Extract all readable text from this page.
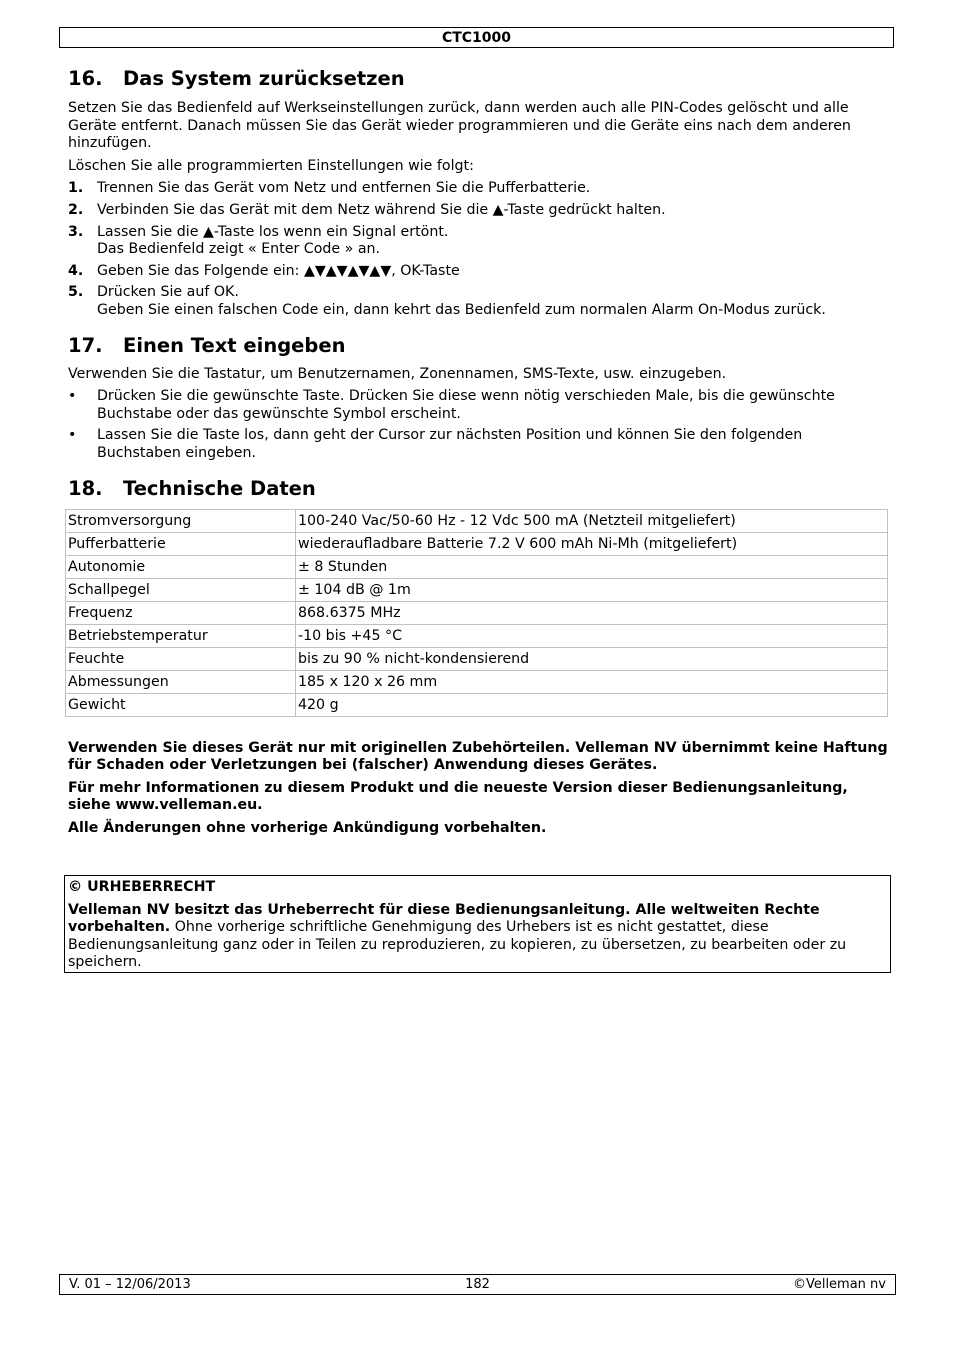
CTC1000
16. Das System zurücksetzen

Setzen Sie das Bedienfeld auf Werkseinstellungen zurück, dann werden auch alle PIN-Codes gelöscht und alle Geräte entfernt. Danach müssen Sie das Gerät wieder programmieren und die Geräte eins nach dem anderen hinzufügen.

Löschen Sie alle programmierten Einstellungen wie folgt:

1. Trennen Sie das Gerät vom Netz und entfernen Sie die Pufferbatterie.
2. Verbinden Sie das Gerät mit dem Netz während Sie die ▲-Taste gedrückt halten.
3. Lassen Sie die ▲-Taste los wenn ein Signal ertönt.
Das Bedienfeld zeigt « Enter Code » an.
4. Geben Sie das Folgende ein: ▲▼▲▼▲▼▲▼, OK-Taste
5. Drücken Sie auf OK.
Geben Sie einen falschen Code ein, dann kehrt das Bedienfeld zum normalen Alarm On-Modus zurück.
17. Einen Text eingeben

Verwenden Sie die Tastatur, um Benutzernamen, Zonennamen, SMS-Texte, usw. einzugeben.

•	Drücken Sie die gewünschte Taste. Drücken Sie diese wenn nötig verschieden Male, bis die gewünschte Buchstabe oder das gewünschte Symbol erscheint.
•	Lassen Sie die Taste los, dann geht der Cursor zur nächsten Position und können Sie den folgenden Buchstaben eingeben.
18. Technische Daten
Stromversorgung	100-240 Vac/50-60 Hz - 12 Vdc 500 mA (Netzteil mitgeliefert)
Pufferbatterie	wiederaufladbare Batterie 7.2 V 600 mAh Ni-Mh (mitgeliefert)
Autonomie	± 8 Stunden
Schallpegel	± 104 dB @ 1m
Frequenz	868.6375 MHz
Betriebstemperatur	-10 bis +45 °C
Feuchte	bis zu 90 % nicht-kondensierend
Abmessungen	185 x 120 x 26 mm
Gewicht	420 g

Verwenden Sie dieses Gerät nur mit originellen Zubehörteilen. Velleman NV übernimmt keine Haftung für Schaden oder Verletzungen bei (falscher) Anwendung dieses Gerätes.

Für mehr Informationen zu diesem Produkt und die neueste Version dieser Bedienungsanleitung, siehe www.velleman.eu.

Alle Änderungen ohne vorherige Ankündigung vorbehalten.

© URHEBERRECHT

Velleman NV besitzt das Urheberrecht für diese Bedienungsanleitung. Alle weltweiten Rechte vorbehalten. Ohne vorherige schriftliche Genehmigung des Urhebers ist es nicht gestattet, diese Bedienungsanleitung ganz oder in Teilen zu reproduzieren, zu kopieren, zu übersetzen, zu bearbeiten oder zu speichern.

V. 01 – 12/06/2013	182	©Velleman nv
